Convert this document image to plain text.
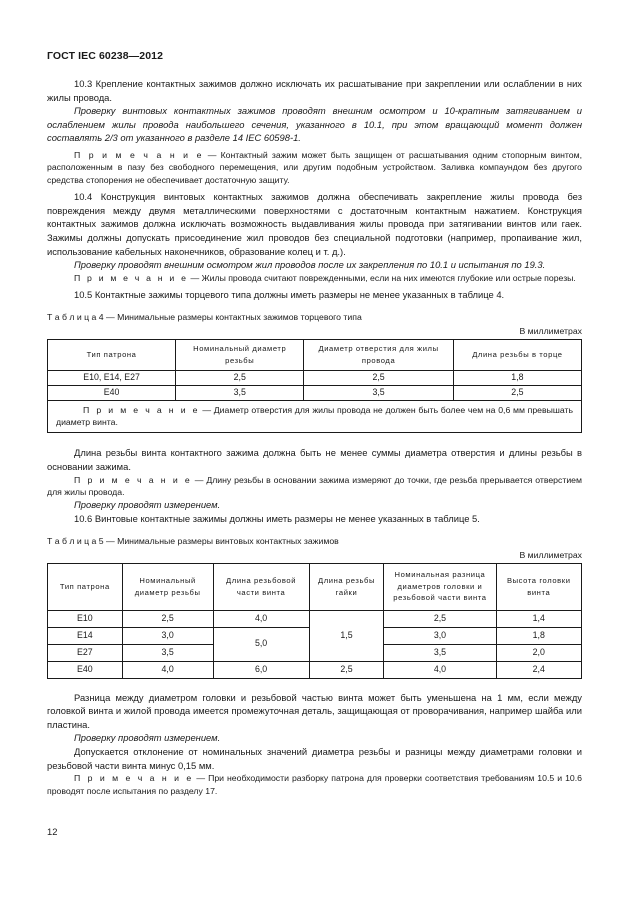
ГОСТ IEC 60238—2012

10.3 Крепление контактных зажимов должно исключать их расшатывание при закреплении или ослаблении в них жилы провода.

Проверку винтовых контактных зажимов проводят внешним осмотром и 10-кратным затягиванием и ослаблением жилы провода наибольшего сечения, указанного в 10.1, при этом вращающий момент должен составлять 2/3 от указанного в разделе 14 IEC 60598-1.

П р и м е ч а н и е — Контактный зажим может быть защищен от расшатывания одним стопорным винтом, расположенным в пазу без свободного перемещения, или другим подобным устройством. Заливка компаундом без другого средства стопорения не обеспечивает достаточную защиту.

10.4 Конструкция винтовых контактных зажимов должна обеспечивать закрепление жилы провода без повреждения между двумя металлическими поверхностями с достаточным контактным нажатием. Конструкция контактных зажимов должна исключать возможность выдавливания жилы провода при затягивании винтов или гаек. Зажимы должны допускать присоединение жил проводов без специальной подготовки (например, пропаивание жил, использование кабельных наконечников, образование колец и т. д.).

Проверку проводят внешним осмотром жил проводов после их закрепления по 10.1 и испытания по 19.3.

П р и м е ч а н и е — Жилы провода считают поврежденными, если на них имеются глубокие или острые порезы.

10.5 Контактные зажимы торцевого типа должны иметь размеры не менее указанных в таблице 4.

Т а б л и ц а 4 — Минимальные размеры контактных зажимов торцевого типа
В миллиметрах
Тип патрона	Номинальный диаметр резьбы	Диаметр отверстия для жилы провода	Длина резьбы в торце
E10, E14, E27	2,5	2,5	1,8
E40	3,5	3,5	2,5
П р и м е ч а н и е — Диаметр отверстия для жилы провода не должен быть более чем на 0,6 мм превышать диаметр винта.			

Длина резьбы винта контактного зажима должна быть не менее суммы диаметра отверстия и длины резьбы в основании зажима.

П р и м е ч а н и е — Длину резьбы в основании зажима измеряют до точки, где резьба прерывается отверстием для жилы провода.

Проверку проводят измерением.

10.6 Винтовые контактные зажимы должны иметь размеры не менее указанных в таблице 5.

Т а б л и ц а 5 — Минимальные размеры винтовых контактных зажимов
В миллиметрах
Тип патрона	Номинальный диаметр резьбы	Длина резьбовой части винта	Длина резьбы гайки	Номинальная разница диаметров головки и резьбовой части винта	Высота головки винта
E10	2,5	4,0	1,5	2,5	1,4
E14	3,0	5,0		3,0	1,8
E27	3,5			3,5	2,0
E40	4,0	6,0	2,5	4,0	2,4

Разница между диаметром головки и резьбовой частью винта может быть уменьшена на 1 мм, если между головкой винта и жилой провода имеется промежуточная деталь, защищающая от проворачивания, например шайба или пластина.

Проверку проводят измерением.

Допускается отклонение от номинальных значений диаметра резьбы и разницы между диаметрами головки и резьбовой части винта минус 0,15 мм.

П р и м е ч а н и е — При необходимости разборку патрона для проверки соответствия требованиям 10.5 и 10.6 проводят после испытания по разделу 17.

12
